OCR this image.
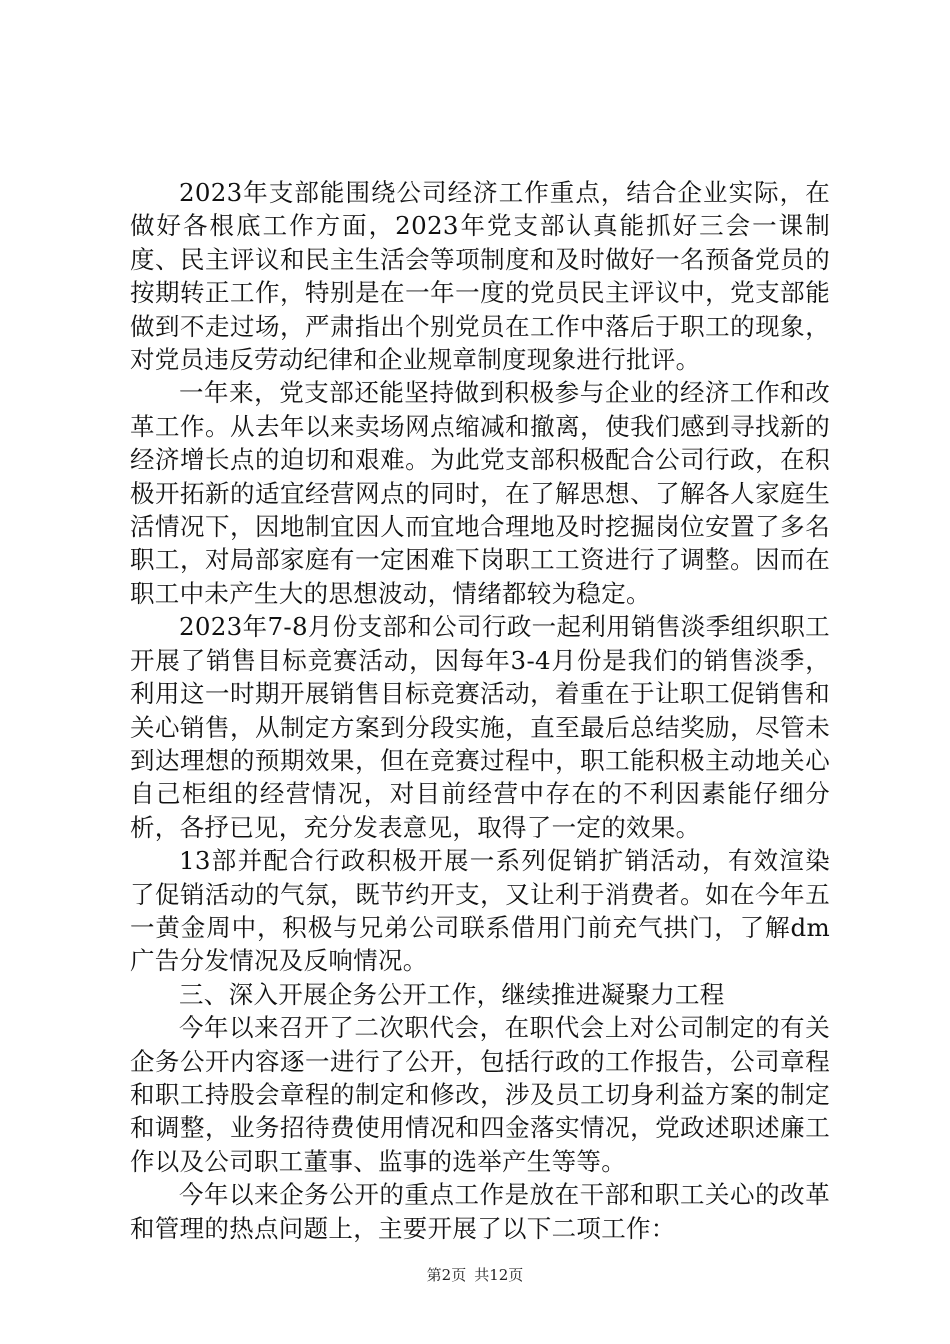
2023年支部能围绕公司经济工作重点，结合企业实际，在做好各根底工作方面，2023年党支部认真能抓好三会一课制度、民主评议和民主生活会等项制度和及时做好一名预备党员的按期转正工作，特别是在一年一度的党员民主评议中，党支部能做到不走过场，严肃指出个别党员在工作中落后于职工的现象，对党员违反劳动纪律和企业规章制度现象进行批评。

一年来，党支部还能坚持做到积极参与企业的经济工作和改革工作。从去年以来卖场网点缩减和撤离，使我们感到寻找新的经济增长点的迫切和艰难。为此党支部积极配合公司行政，在积极开拓新的适宜经营网点的同时，在了解思想、了解各人家庭生活情况下，因地制宜因人而宜地合理地及时挖掘岗位安置了多名职工，对局部家庭有一定困难下岗职工工资进行了调整。因而在职工中未产生大的思想波动，情绪都较为稳定。

2023年7-8月份支部和公司行政一起利用销售淡季组织职工开展了销售目标竞赛活动，因每年3-4月份是我们的销售淡季，利用这一时期开展销售目标竞赛活动，着重在于让职工促销售和关心销售，从制定方案到分段实施，直至最后总结奖励，尽管未到达理想的预期效果，但在竞赛过程中，职工能积极主动地关心自己柜组的经营情况，对目前经营中存在的不利因素能仔细分析，各抒已见，充分发表意见，取得了一定的效果。

13部并配合行政积极开展一系列促销扩销活动，有效渲染了促销活动的气氛，既节约开支，又让利于消费者。如在今年五一黄金周中，积极与兄弟公司联系借用门前充气拱门，了解dm广告分发情况及反响情况。

三、深入开展企务公开工作，继续推进凝聚力工程

今年以来召开了二次职代会，在职代会上对公司制定的有关企务公开内容逐一进行了公开，包括行政的工作报告，公司章程和职工持股会章程的制定和修改，涉及员工切身利益方案的制定和调整，业务招待费使用情况和四金落实情况，党政述职述廉工作以及公司职工董事、监事的选举产生等等。

今年以来企务公开的重点工作是放在干部和职工关心的改革和管理的热点问题上，主要开展了以下二项工作：

第2页 共12页
